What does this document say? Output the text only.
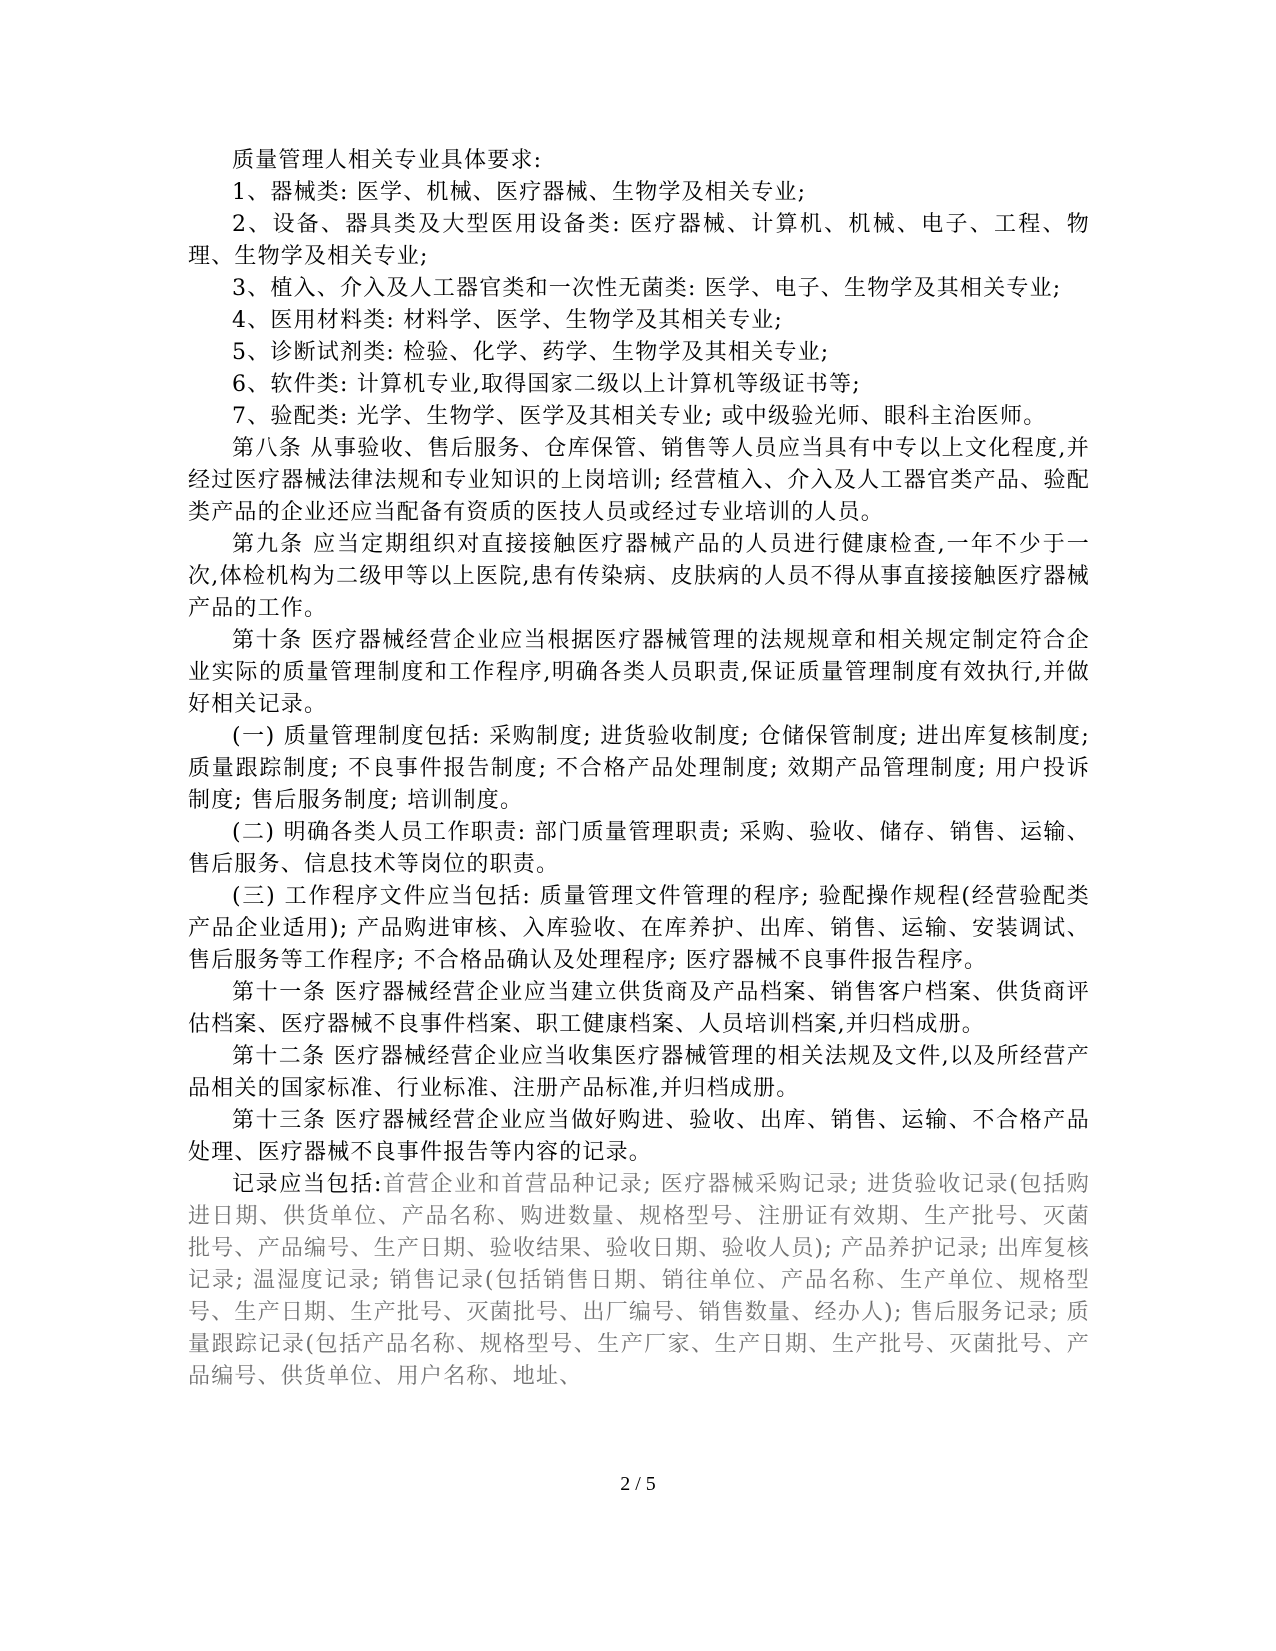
质量管理人相关专业具体要求:

1、器械类: 医学、机械、医疗器械、生物学及相关专业;

2、设备、器具类及大型医用设备类: 医疗器械、计算机、机械、电子、工程、物理、生物学及相关专业;

3、植入、介入及人工器官类和一次性无菌类: 医学、电子、生物学及其相关专业;

4、医用材料类: 材料学、医学、生物学及其相关专业;

5、诊断试剂类: 检验、化学、药学、生物学及其相关专业;

6、软件类: 计算机专业,取得国家二级以上计算机等级证书等;

7、验配类: 光学、生物学、医学及其相关专业; 或中级验光师、眼科主治医师。

第八条 从事验收、售后服务、仓库保管、销售等人员应当具有中专以上文化程度,并经过医疗器械法律法规和专业知识的上岗培训; 经营植入、介入及人工器官类产品、验配类产品的企业还应当配备有资质的医技人员或经过专业培训的人员。

第九条 应当定期组织对直接接触医疗器械产品的人员进行健康检查,一年不少于一次,体检机构为二级甲等以上医院,患有传染病、皮肤病的人员不得从事直接接触医疗器械产品的工作。

第十条 医疗器械经营企业应当根据医疗器械管理的法规规章和相关规定制定符合企业实际的质量管理制度和工作程序,明确各类人员职责,保证质量管理制度有效执行,并做好相关记录。

(一) 质量管理制度包括: 采购制度; 进货验收制度; 仓储保管制度; 进出库复核制度; 质量跟踪制度; 不良事件报告制度; 不合格产品处理制度; 效期产品管理制度; 用户投诉制度; 售后服务制度; 培训制度。

(二) 明确各类人员工作职责: 部门质量管理职责; 采购、验收、储存、销售、运输、售后服务、信息技术等岗位的职责。

(三) 工作程序文件应当包括: 质量管理文件管理的程序; 验配操作规程(经营验配类产品企业适用); 产品购进审核、入库验收、在库养护、出库、销售、运输、安装调试、售后服务等工作程序; 不合格品确认及处理程序; 医疗器械不良事件报告程序。

第十一条 医疗器械经营企业应当建立供货商及产品档案、销售客户档案、供货商评估档案、医疗器械不良事件档案、职工健康档案、人员培训档案,并归档成册。

第十二条 医疗器械经营企业应当收集医疗器械管理的相关法规及文件,以及所经营产品相关的国家标准、行业标准、注册产品标准,并归档成册。

第十三条 医疗器械经营企业应当做好购进、验收、出库、销售、运输、不合格产品处理、医疗器械不良事件报告等内容的记录。

记录应当包括:首营企业和首营品种记录; 医疗器械采购记录; 进货验收记录(包括购进日期、供货单位、产品名称、购进数量、规格型号、注册证有效期、生产批号、灭菌批号、产品编号、生产日期、验收结果、验收日期、验收人员); 产品养护记录; 出库复核记录; 温湿度记录; 销售记录(包括销售日期、销往单位、产品名称、生产单位、规格型号、生产日期、生产批号、灭菌批号、出厂编号、销售数量、经办人); 售后服务记录; 质量跟踪记录(包括产品名称、规格型号、生产厂家、生产日期、生产批号、灭菌批号、产品编号、供货单位、用户名称、地址、

2 / 5
